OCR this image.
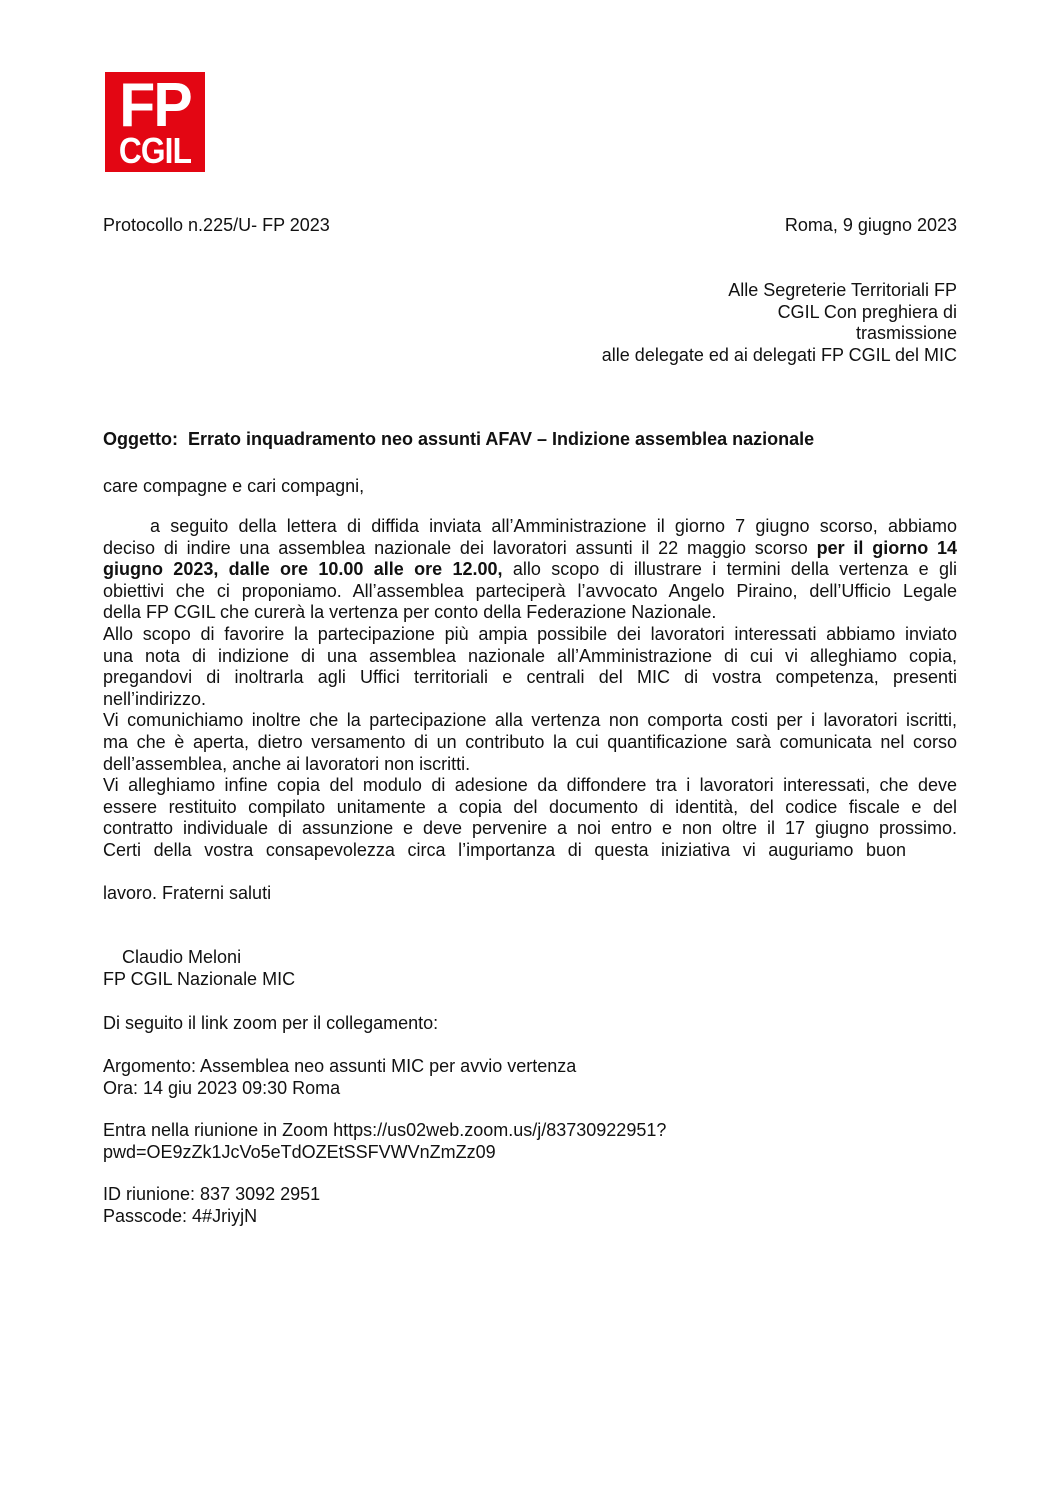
FP
CGIL
Protocollo n.225/U- FP 2023	Roma, 9 giugno 2023
Alle Segreterie Territoriali FP
CGIL Con preghiera di
trasmissione
alle delegate ed ai delegati FP CGIL del MIC
Oggetto:  Errato inquadramento neo assunti AFAV – Indizione assemblea nazionale
care compagne e cari compagni,
a seguito della lettera di diffida inviata all’Amministrazione il giorno 7 giugno scorso, abbiamo
deciso di indire una assemblea nazionale dei lavoratori assunti il 22 maggio scorso per il giorno 14
giugno 2023, dalle ore 10.00 alle ore 12.00, allo scopo di illustrare i termini della vertenza e gli
obiettivi che ci proponiamo. All’assemblea parteciperà l’avvocato Angelo Piraino, dell’Ufficio Legale
della FP CGIL che curerà la vertenza per conto della Federazione Nazionale.
Allo scopo di favorire la partecipazione più ampia possibile dei lavoratori interessati abbiamo inviato
una nota di indizione di una assemblea nazionale all’Amministrazione di cui vi alleghiamo copia,
pregandovi di inoltrarla agli Uffici territoriali e centrali del MIC di vostra competenza, presenti
nell’indirizzo.
Vi comunichiamo inoltre che la partecipazione alla vertenza non comporta costi per i lavoratori iscritti,
ma che è aperta, dietro versamento di un contributo la cui quantificazione sarà comunicata nel corso
dell’assemblea, anche ai lavoratori non iscritti.
Vi alleghiamo infine copia del modulo di adesione da diffondere tra i lavoratori interessati, che deve
essere restituito compilato unitamente a copia del documento di identità, del codice fiscale e del
contratto individuale di assunzione e deve pervenire a noi entro e non oltre il 17 giugno prossimo.
Certi della vostra consapevolezza circa l’importanza di questa iniziativa vi auguriamo buon
lavoro. Fraterni saluti
Claudio Meloni
FP CGIL Nazionale MIC
Di seguito il link zoom per il collegamento:
Argomento: Assemblea neo assunti MIC per avvio vertenza
Ora: 14 giu 2023 09:30 Roma
Entra nella riunione in Zoom https://us02web.zoom.us/j/83730922951?
pwd=OE9zZk1JcVo5eTdOZEtSSFVWVnZmZz09
ID riunione: 837 3092 2951
Passcode: 4#JriyjN
